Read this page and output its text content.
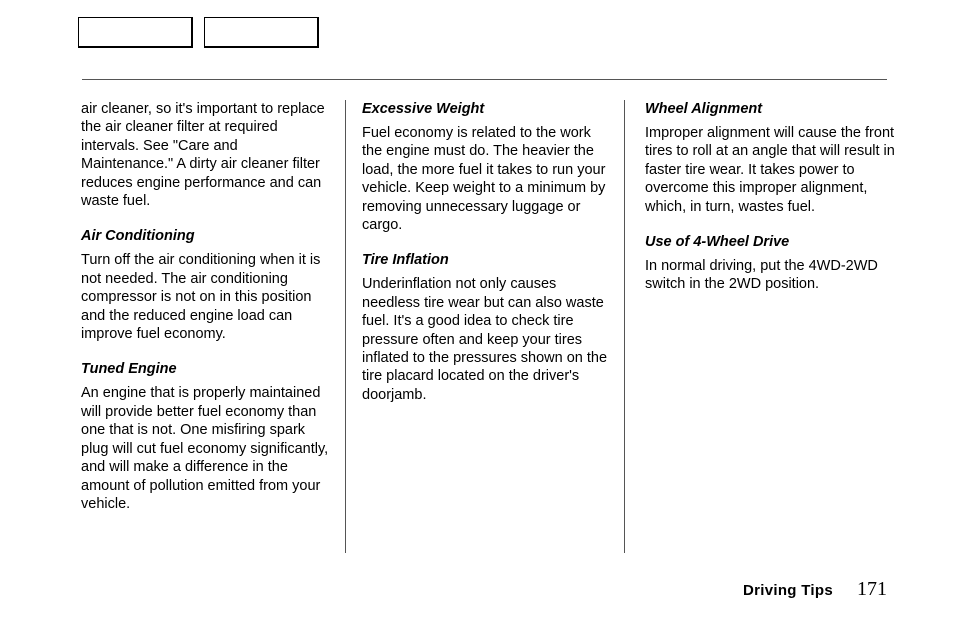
air cleaner, so it's important to replace the air cleaner filter at required intervals. See "Care and Maintenance." A dirty air cleaner filter reduces engine performance and can waste fuel.

Air Conditioning

Turn off the air conditioning when it is not needed. The air conditioning compressor is not on in this position and the reduced engine load can improve fuel economy.

Tuned Engine

An engine that is properly maintained will provide better fuel economy than one that is not. One misfiring spark plug will cut fuel economy significantly, and will make a difference in the amount of pollution emitted from your vehicle.

Excessive Weight

Fuel economy is related to the work the engine must do. The heavier the load, the more fuel it takes to run your vehicle. Keep weight to a minimum by removing unnecessary luggage or cargo.

Tire Inflation

Underinflation not only causes needless tire wear but can also waste fuel. It's a good idea to check tire pressure often and keep your tires inflated to the pressures shown on the tire placard located on the driver's doorjamb.

Wheel Alignment

Improper alignment will cause the front tires to roll at an angle that will result in faster tire wear. It takes power to overcome this improper alignment, which, in turn, wastes fuel.

Use of 4-Wheel Drive

In normal driving, put the 4WD-2WD switch in the 2WD position.

Driving Tips 171
